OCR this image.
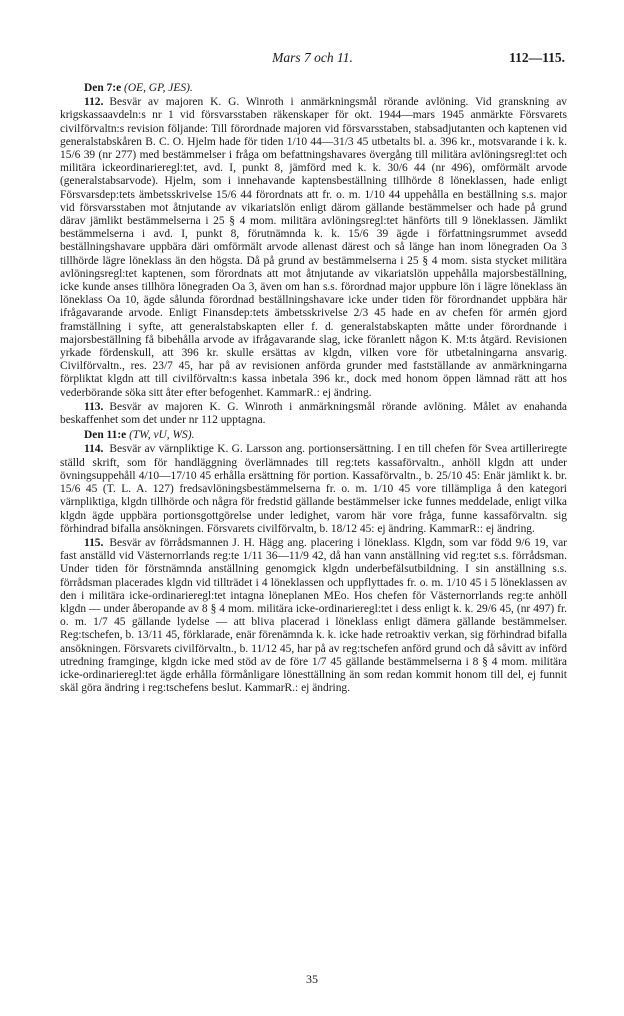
Mars 7 och 11.	112—115.
Den 7:e (OE, GP, JES).

112. Besvär av majoren K. G. Winroth i anmärkningsmål rörande avlöning. Vid granskning av krigskassaavdeln:s nr 1 vid försvarsstaben räkenskaper för okt. 1944—mars 1945 anmärkte Försvarets civilförvaltn:s revision följande: Till förordnade majoren vid försvarsstaben, stabsadjutanten och kaptenen vid generalstabskåren B. C. O. Hjelm hade för tiden 1/10 44—31/3 45 utbetalts bl. a. 396 kr., motsvarande i k. k. 15/6 39 (nr 277) med bestämmelser i fråga om befattningshavares övergång till militära avlöningsregl:tet och militära ickeordinarieregl:tet, avd. I, punkt 8, jämförd med k. k. 30/6 44 (nr 496), omförmält arvode (generalstabsarvode). Hjelm, som i innehavande kaptensbeställning tillhörde 8 löneklassen, hade enligt Försvarsdep:tets ämbetsskrivelse 15/6 44 förordnats att fr. o. m. 1/10 44 uppehålla en beställning s.s. major vid försvarsstaben mot åtnjutande av vikariatslön enligt därom gällande bestämmelser och hade på grund därav jämlikt bestämmelserna i 25 § 4 mom. militära avlöningsregl:tet hänförts till 9 löneklassen. Jämlikt bestämmelserna i avd. I, punkt 8, förutnämnda k. k. 15/6 39 ägde i författningsrummet avsedd beställningshavare uppbära däri omförmält arvode allenast därest och så länge han inom lönegraden Oa 3 tillhörde lägre löneklass än den högsta. Då på grund av bestämmelserna i 25 § 4 mom. sista stycket militära avlöningsregl:tet kaptenen, som förordnats att mot åtnjutande av vikariatslön uppehålla majorsbeställning, icke kunde anses tillhöra lönegraden Oa 3, även om han s.s. förordnad major uppbure lön i lägre löneklass än löneklass Oa 10, ägde sålunda förordnad beställningshavare icke under tiden för förordnandet uppbära här ifrågavarande arvode. Enligt Finansdep:tets ämbetsskrivelse 2/3 45 hade en av chefen för armén gjord framställning i syfte, att generalstabskapten eller f. d. generalstabskapten måtte under förordnande i majorsbeställning få bibehålla arvode av ifrågavarande slag, icke föranlett någon K. M:ts åtgärd. Revisionen yrkade fördenskull, att 396 kr. skulle ersättas av klgdn, vilken vore för utbetalningarna ansvarig. Civilförvaltn., res. 23/7 45, har på av revisionen anförda grunder med fastställande av anmärkningarna förpliktat klgdn att till civilförvaltn:s kassa inbetala 396 kr., dock med honom öppen lämnad rätt att hos vederbörande söka sitt åter efter befogenhet. KammarR.: ej ändring.

113. Besvär av majoren K. G. Winroth i anmärkningsmål rörande avlöning. Målet av enahanda beskaffenhet som det under nr 112 upptagna.

Den 11:e (TW, vU, WS).

114. Besvär av värnpliktige K. G. Larsson ang. portionsersättning. I en till chefen för Svea artilleriregte ställd skrift, som för handläggning överlämnades till reg:tets kassaförvaltn., anhöll klgdn att under övningsuppehåll 4/10—17/10 45 erhålla ersättning för portion. Kassaförvaltn., b. 25/10 45: Enär jämlikt k. br. 15/6 45 (T. L. A. 127) fredsavlöningsbestämmelserna fr. o. m. 1/10 45 vore tillämpliga å den kategori värnpliktiga, klgdn tillhörde och några för fredstid gällande bestämmelser icke funnes meddelade, enligt vilka klgdn ägde uppbära portionsgottgörelse under ledighet, varom här vore fråga, funne kassaförvaltn. sig förhindrad bifalla ansökningen. Försvarets civilförvaltn, b. 18/12 45: ej ändring. KammarR:: ej ändring.

115. Besvär av förrådsmannen J. H. Hägg ang. placering i löneklass. Klgdn, som var född 9/6 19, var fast anställd vid Västernorrlands reg:te 1/11 36—11/9 42, då han vann anställning vid reg:tet s.s. förrådsman. Under tiden för förstnämnda anställning genomgick klgdn underbefälsutbildning. I sin anställning s.s. förrådsman placerades klgdn vid tillträdet i 4 löneklassen och uppflyttades fr. o. m. 1/10 45 i 5 löneklassen av den i militära icke-ordinarieregl:tet intagna löneplanen MEo. Hos chefen för Västernorrlands reg:te anhöll klgdn — under åberopande av 8 § 4 mom. militära icke-ordinarieregl:tet i dess enligt k. k. 29/6 45, (nr 497) fr. o. m. 1/7 45 gällande lydelse — att bliva placerad i löneklass enligt dämera gällande bestämmelser. Reg:tschefen, b. 13/11 45, förklarade, enär förenämnda k. k. icke hade retroaktiv verkan, sig förhindrad bifalla ansökningen. Försvarets civilförvaltn., b. 11/12 45, har på av reg:tschefen anförd grund och då såvitt av införd utredning framginge, klgdn icke med stöd av de före 1/7 45 gällande bestämmelserna i 8 § 4 mom. militära icke-ordinarieregl:tet ägde erhålla förmånligare lönesttällning än som redan kommit honom till del, ej funnit skäl göra ändring i reg:tschefens beslut. KammarR.: ej ändring.

35
